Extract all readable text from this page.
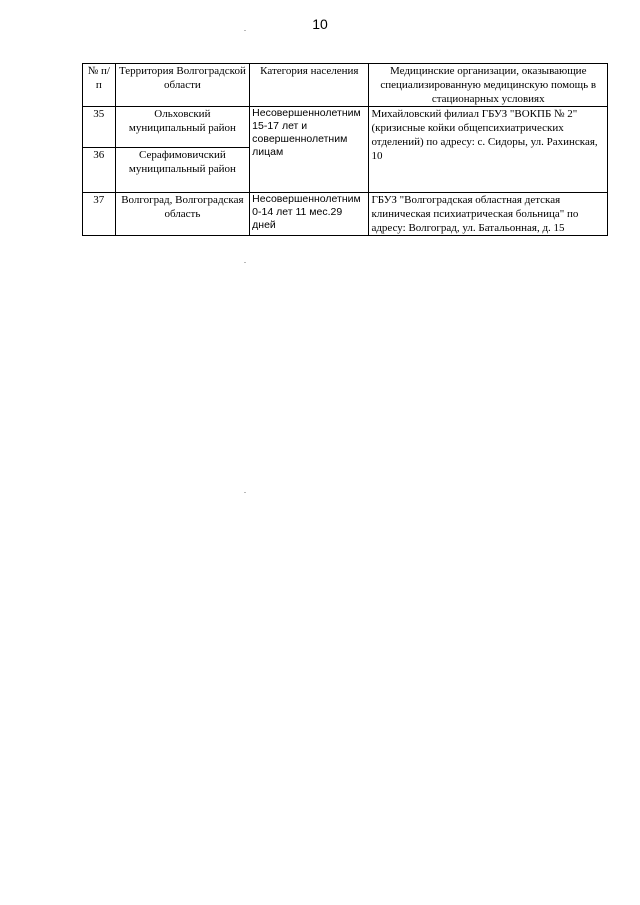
10
№ п/п	Территория Волгоградской области	Категория населения	Медицинские организации, оказывающие специализированную медицинскую помощь в стационарных условиях
35	Ольховский муниципальный район	Несовершеннолетним 15-17 лет и совершеннолетним лицам	Михайловский филиал ГБУЗ "ВОКПБ № 2" (кризисные койки общепсихиатрических отделений) по адресу: с. Сидоры, ул. Рахинская, 10
36	Серафимовичский муниципальный район		
37	Волгоград, Волгоградская область	Несовершеннолетним 0-14 лет 11 мес.29 дней	ГБУЗ "Волгоградская областная детская клиническая психиатрическая больница" по адресу: Волгоград, ул. Батальонная, д. 15
